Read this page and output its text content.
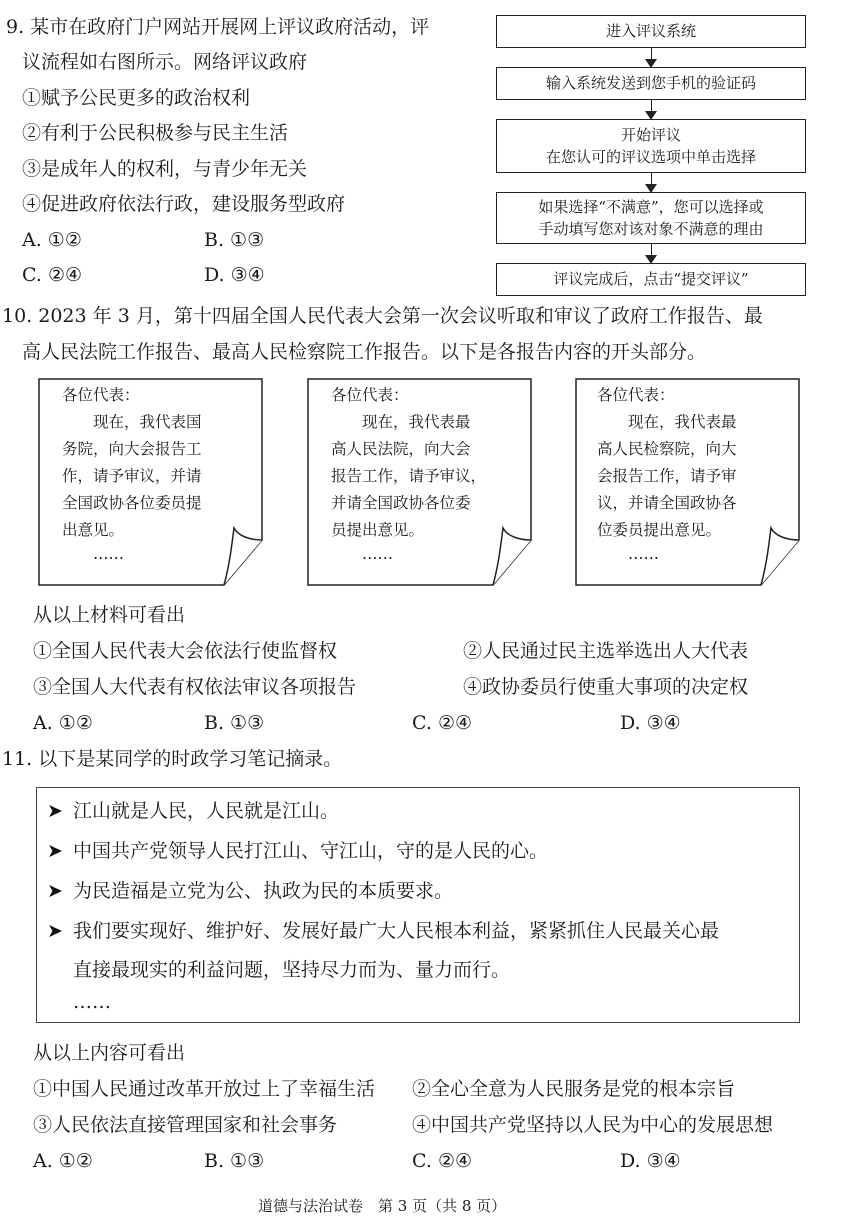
9. 某市在政府门户网站开展网上评议政府活动，评
议流程如右图所示。网络评议政府
①赋予公民更多的政治权利
②有利于公民积极参与民主生活
③是成年人的权利，与青少年无关
④促进政府依法行政，建设服务型政府
A. ①②	B. ①③
C. ②④	D. ③④
进入评议系统
输入系统发送到您手机的验证码
开始评议
在您认可的评议选项中单击选择
如果选择“不满意”，您可以选择或
手动填写您对该对象不满意的理由
评议完成后，点击“提交评议”
10. 2023 年 3 月，第十四届全国人民代表大会第一次会议听取和审议了政府工作报告、最
高人民法院工作报告、最高人民检察院工作报告。以下是各报告内容的开头部分。
各位代表：
　　现在，我代表国
务院，向大会报告工
作，请予审议，并请
全国政协各位委员提
出意见。
　　……
各位代表：
　　现在，我代表最
高人民法院，向大会
报告工作，请予审议，
并请全国政协各位委
员提出意见。
　　……
各位代表：
　　现在，我代表最
高人民检察院，向大
会报告工作，请予审
议，并请全国政协各
位委员提出意见。
　　……
从以上材料可看出
①全国人民代表大会依法行使监督权	②人民通过民主选举选出人大代表
③全国人大代表有权依法审议各项报告	④政协委员行使重大事项的决定权
A. ①②	B. ①③	C. ②④	D. ③④
11. 以下是某同学的时政学习笔记摘录。
➤ 江山就是人民，人民就是江山。
➤ 中国共产党领导人民打江山、守江山，守的是人民的心。
➤ 为民造福是立党为公、执政为民的本质要求。
➤ 我们要实现好、维护好、发展好最广大人民根本利益，紧紧抓住人民最关心最
直接最现实的利益问题，坚持尽力而为、量力而行。
……
从以上内容可看出
①中国人民通过改革开放过上了幸福生活 ②全心全意为人民服务是党的根本宗旨
③人民依法直接管理国家和社会事务	④中国共产党坚持以人民为中心的发展思想
A. ①②	B. ①③	C. ②④	D. ③④
道德与法治试卷　第 3 页（共 8 页）
